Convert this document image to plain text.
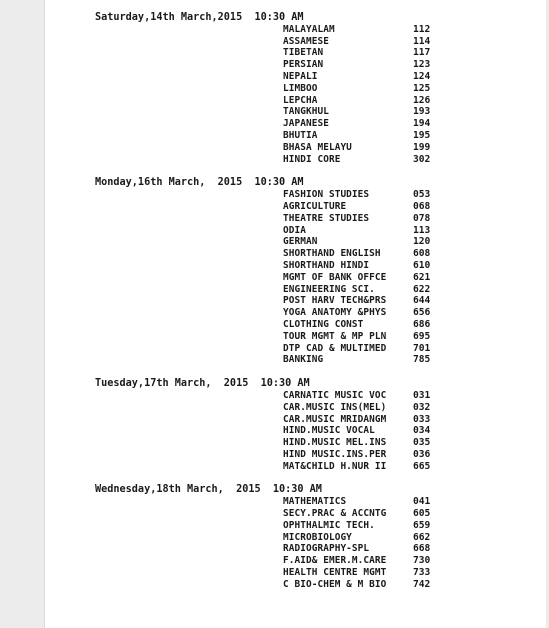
Saturday,14th March,2015  10:30 AM
MALAYALAM	112
ASSAMESE	114
TIBETAN	117
PERSIAN	123
NEPALI	124
LIMBOO	125
LEPCHA	126
TANGKHUL	193
JAPANESE	194
BHUTIA	195
BHASA MELAYU	199
HINDI CORE	302
Monday,16th March,  2015  10:30 AM
FASHION STUDIES	053
AGRICULTURE	068
THEATRE STUDIES	078
ODIA	113
GERMAN	120
SHORTHAND ENGLISH	608
SHORTHAND HINDI	610
MGMT OF BANK OFFCE	621
ENGINEERING SCI.	622
POST HARV TECH&PRS	644
YOGA ANATOMY &PHYS	656
CLOTHING CONST	686
TOUR MGMT & MP PLN	695
DTP CAD & MULTIMED	701
BANKING	785
Tuesday,17th March,  2015  10:30 AM
CARNATIC MUSIC VOC	031
CAR.MUSIC INS(MEL)	032
CAR.MUSIC MRIDANGM	033
HIND.MUSIC VOCAL	034
HIND.MUSIC MEL.INS	035
HIND MUSIC.INS.PER	036
MAT&CHILD H.NUR II	665
Wednesday,18th March,  2015  10:30 AM
MATHEMATICS	041
SECY.PRAC & ACCNTG	605
OPHTHALMIC TECH.	659
MICROBIOLOGY	662
RADIOGRAPHY-SPL	668
F.AID& EMER.M.CARE	730
HEALTH CENTRE MGMT	733
C BIO-CHEM & M BIO	742
